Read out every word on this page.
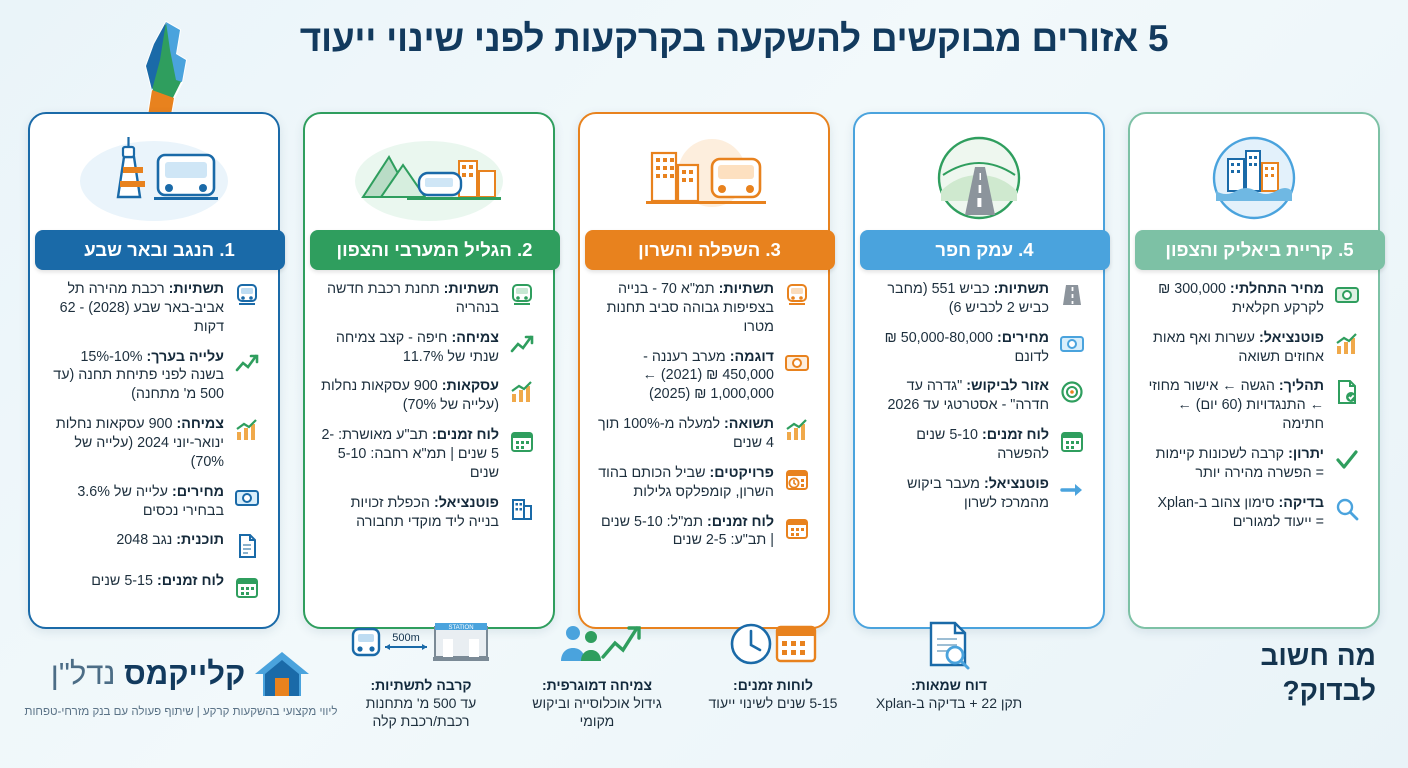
5 אזורים מבוקשים להשקעה בקרקעות לפני שינוי ייעוד
1. הנגב ובאר שבע
תשתיות: רכבת מהירה תל אביב-באר שבע (2028) - 62 דקות
עלייה בערך: 10%-15% בשנה לפני פתיחת תחנה (עד 500 מ' מתחנה)
צמיחה: 900 עסקאות נחלות ינואר-יוני 2024 (עלייה של 70%)
מחירים: עלייה של 3.6% בבחירי נכסים
תוכנית: נגב 2048
לוח זמנים: 5-15 שנים
2. הגליל המערבי והצפון
תשתיות: תחנת רכבת חדשה בנהריה
צמיחה: חיפה - קצב צמיחה שנתי של 11.7%
עסקאות: 900 עסקאות נחלות (עלייה של 70%)
לוח זמנים: תב"ע מאושרת: 2-5 שנים | תמ"א רחבה: 5-10 שנים
פוטנציאל: הכפלת זכויות בנייה ליד מוקדי תחבורה
3. השפלה והשרון
תשתיות: תמ"א 70 - בנייה בצפיפות גבוהה סביב תחנות מטרו
דוגמה: מערב רעננה - 450,000 ₪ (2021) ← 1,000,000 ₪ (2025)
תשואה: למעלה מ-100% תוך 4 שנים
פרויקטים: שביל הכותם בהוד השרון, קומפלקס גלילות
לוח זמנים: תמ"ל: 5-10 שנים | תב"ע: 2-5 שנים
4. עמק חפר
תשתיות: כביש 551 (מחבר כביש 2 לכביש 6)
מחירים: 50,000-80,000 ₪ לדונם
אזור לביקוש: "גדרה עד חדרה" - אסטרטגי עד 2026
לוח זמנים: 5-10 שנים להפשרה
פוטנציאל: מעבר ביקוש מהמרכז לשרון
5. קריית ביאליק והצפון
מחיר התחלתי: 300,000 ₪ לקרקע חקלאית
פוטנציאל: עשרות ואף מאות אחוזים תשואה
תהליך: הגשה ← אישור מחוזי ← התנגדויות (60 יום) ← חתימה
יתרון: קרבה לשכונות קיימות = הפשרה מהירה יותר
בדיקה: סימון צהוב ב-Xplan = ייעוד למגורים
מה חשוב לבדוק?
500m
STATION
קרבה לתשתיות:
עד 500 מ' מתחנות רכבת/רכבת קלה
צמיחה דמוגרפית:
גידול אוכלוסייה וביקוש מקומי
לוחות זמנים:
5-15 שנים לשינוי ייעוד
דוח שמאות:
תקן 22 + בדיקה ב-Xplan
קלייקמס נדל"ן
ליווי מקצועי בהשקעות קרקע | שיתוף פעולה עם בנק מזרחי-טפחות
